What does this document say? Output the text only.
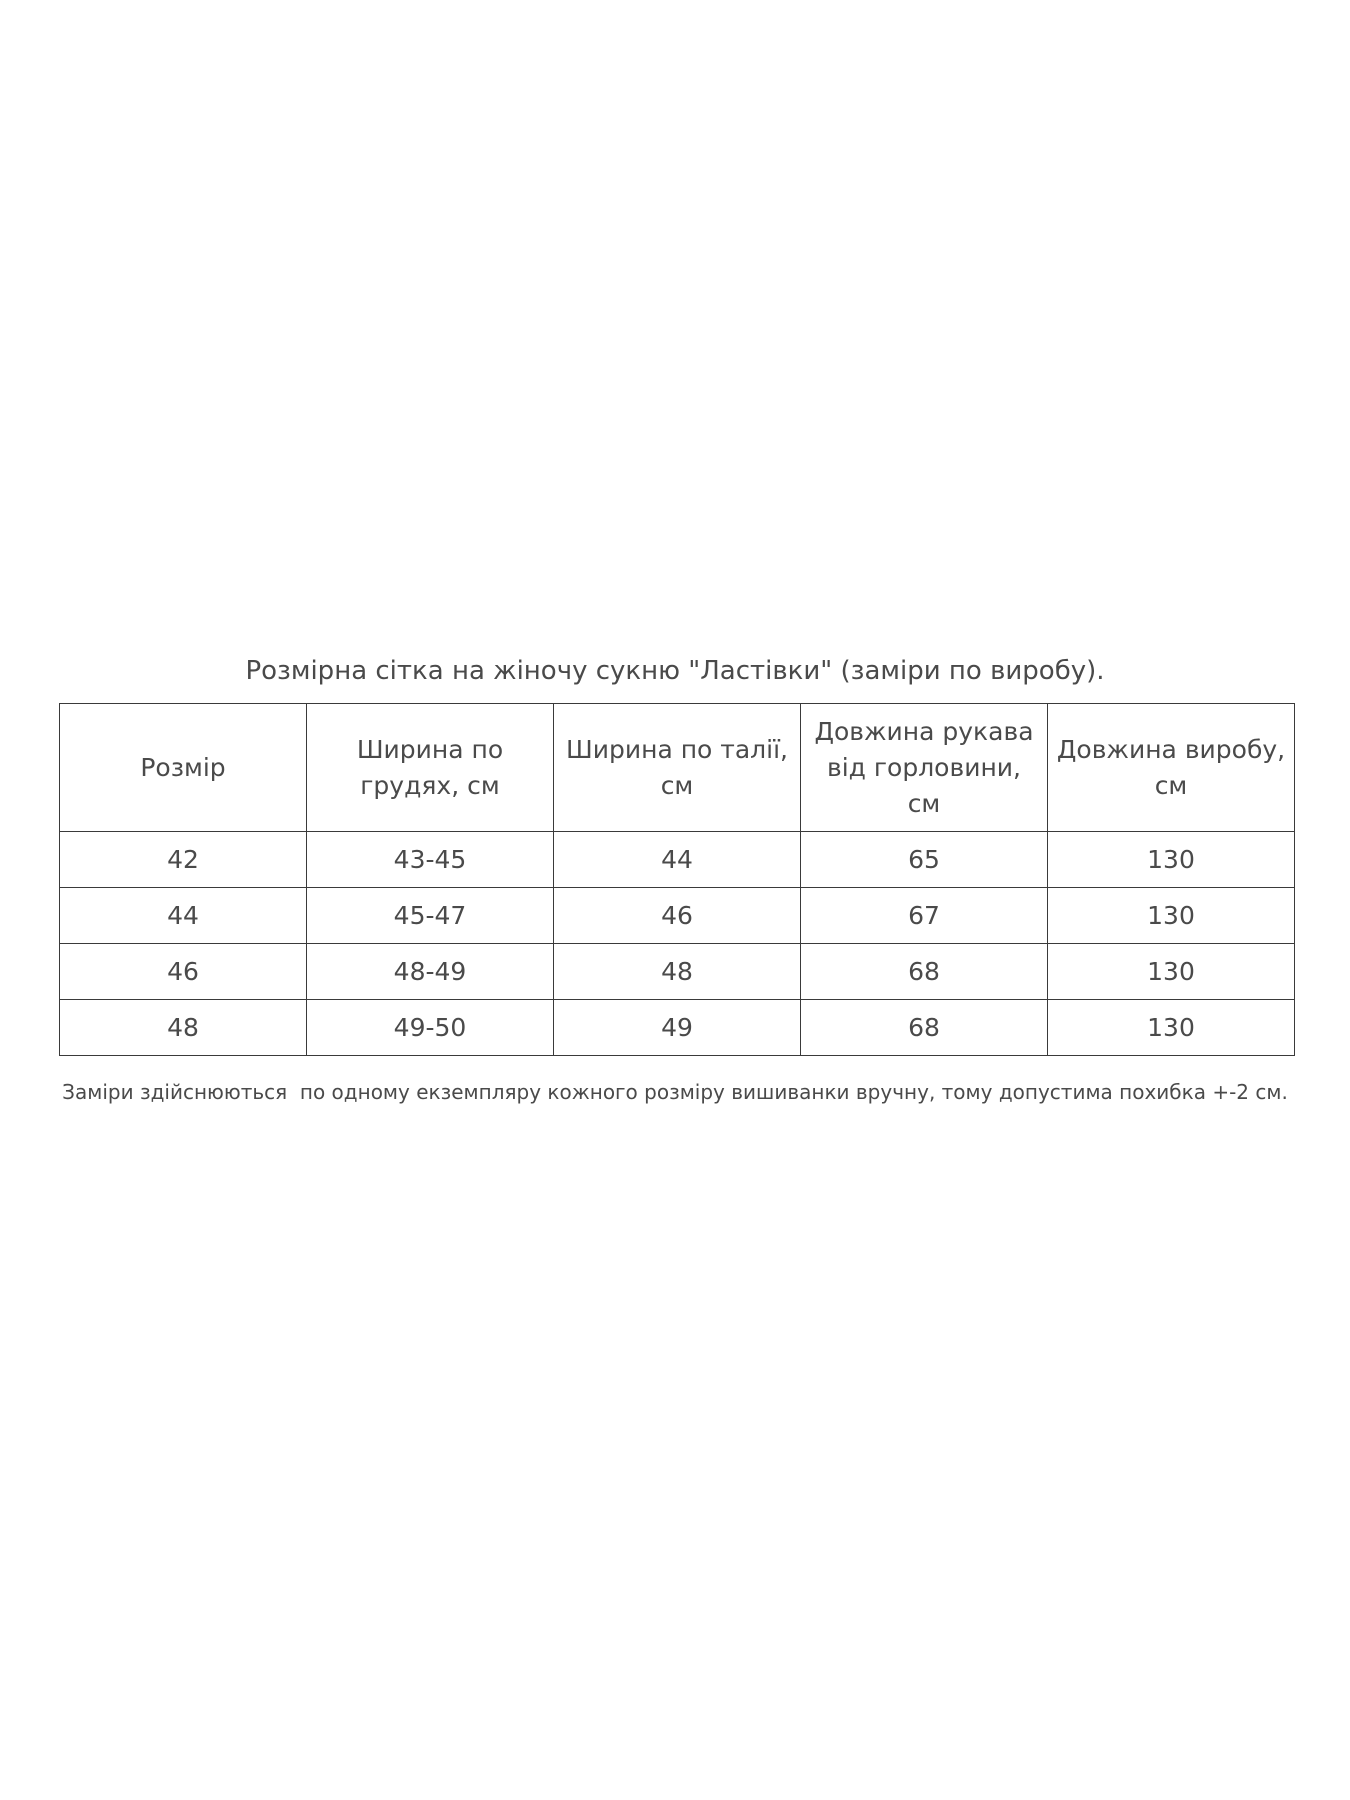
Розмірна сітка на жіночу сукню "Ластівки" (заміри по виробу).
Розмір	Ширина по грудях, см	Ширина по талії, см	Довжина рукава від горловини, см	Довжина виробу, см
42	43-45	44	65	130
44	45-47	46	67	130
46	48-49	48	68	130
48	49-50	49	68	130
Заміри здійснюються  по одному екземпляру кожного розміру вишиванки вручну, тому допустима похибка +-2 см.
